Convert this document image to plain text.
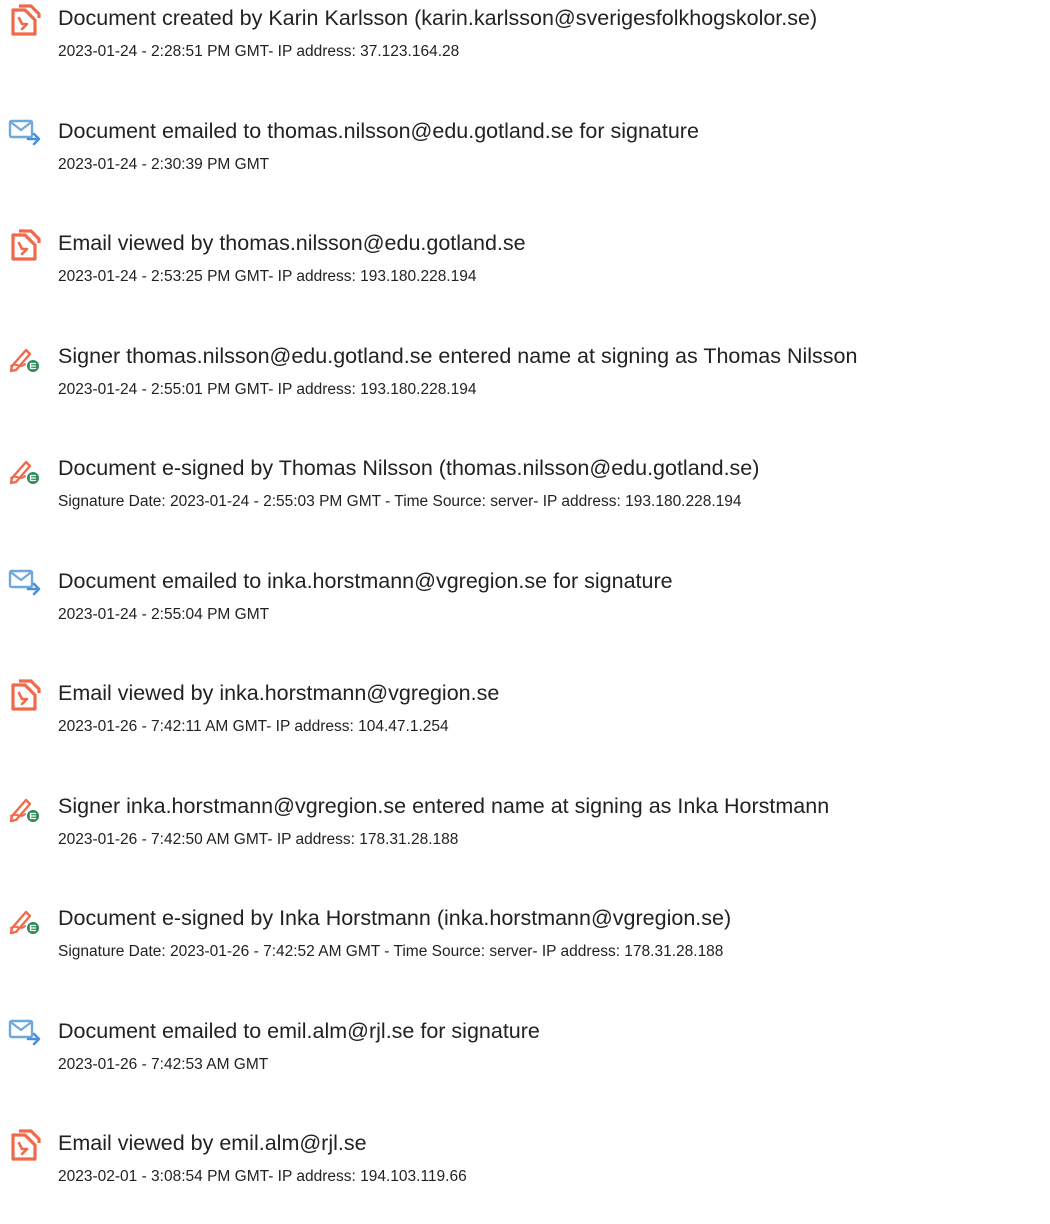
Document created by Karin Karlsson (karin.karlsson@sverigesfolkhogskolor.se)
2023-01-24 - 2:28:51 PM GMT- IP address: 37.123.164.28
Document emailed to thomas.nilsson@edu.gotland.se for signature
2023-01-24 - 2:30:39 PM GMT
Email viewed by thomas.nilsson@edu.gotland.se
2023-01-24 - 2:53:25 PM GMT- IP address: 193.180.228.194
Signer thomas.nilsson@edu.gotland.se entered name at signing as Thomas Nilsson
2023-01-24 - 2:55:01 PM GMT- IP address: 193.180.228.194
Document e-signed by Thomas Nilsson (thomas.nilsson@edu.gotland.se)
Signature Date: 2023-01-24 - 2:55:03 PM GMT - Time Source: server- IP address: 193.180.228.194
Document emailed to inka.horstmann@vgregion.se for signature
2023-01-24 - 2:55:04 PM GMT
Email viewed by inka.horstmann@vgregion.se
2023-01-26 - 7:42:11 AM GMT- IP address: 104.47.1.254
Signer inka.horstmann@vgregion.se entered name at signing as Inka Horstmann
2023-01-26 - 7:42:50 AM GMT- IP address: 178.31.28.188
Document e-signed by Inka Horstmann (inka.horstmann@vgregion.se)
Signature Date: 2023-01-26 - 7:42:52 AM GMT - Time Source: server- IP address: 178.31.28.188
Document emailed to emil.alm@rjl.se for signature
2023-01-26 - 7:42:53 AM GMT
Email viewed by emil.alm@rjl.se
2023-02-01 - 3:08:54 PM GMT- IP address: 194.103.119.66
